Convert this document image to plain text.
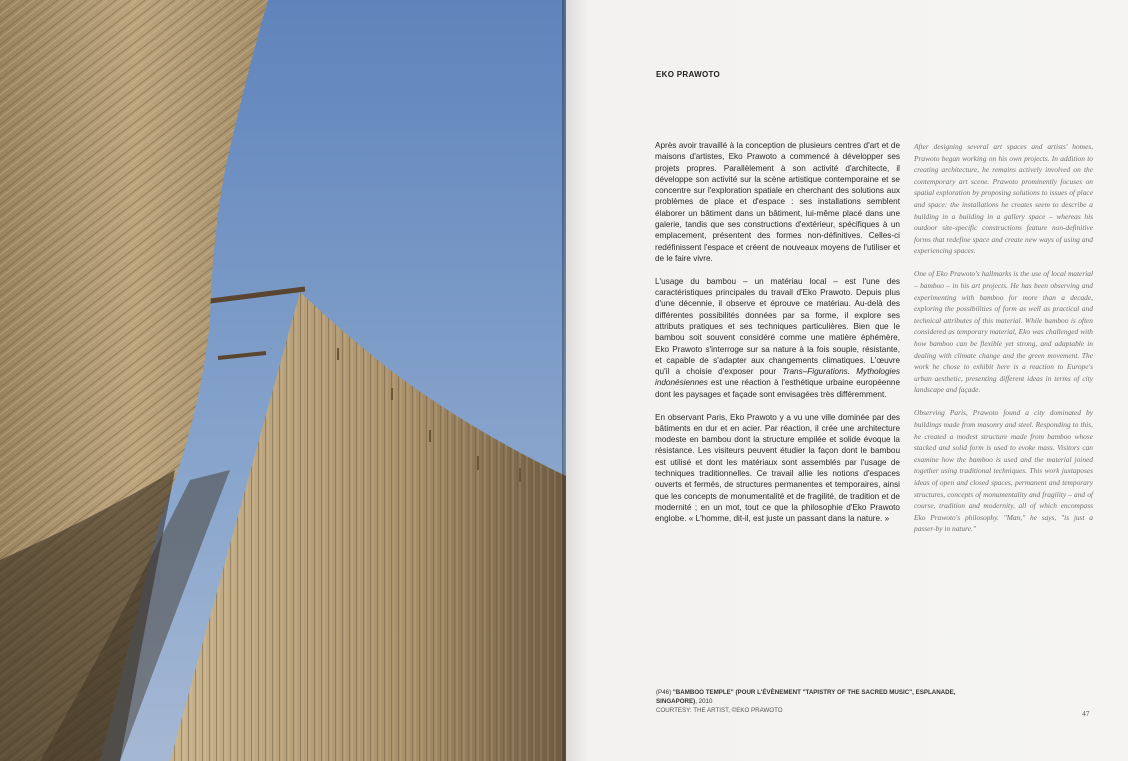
EKO PRAWOTO

Après avoir travaillé à la conception de plusieurs centres d'art et de maisons d'artistes, Eko Prawoto a commencé à développer ses projets propres. Parallèlement à son activité d'architecte, il développe son activité sur la scène artistique contemporaine et se concentre sur l'exploration spatiale en cherchant des solutions aux problèmes de place et d'espace : ses installations semblent élaborer un bâtiment dans un bâtiment, lui-même placé dans une galerie, tandis que ses constructions d'extérieur, spécifiques à un emplacement, présentent des formes non-définitives. Celles-ci redéfinissent l'espace et créent de nouveaux moyens de l'utiliser et de le faire vivre.

L'usage du bambou – un matériau local – est l'une des caractéristiques principales du travail d'Eko Prawoto. Depuis plus d'une décennie, il observe et éprouve ce matériau. Au-delà des différentes possibilités données par sa forme, il explore ses attributs pratiques et ses techniques particulières. Bien que le bambou soit souvent considéré comme une matière éphémère, Eko Prawoto s'interroge sur sa nature à la fois souple, résistante, et capable de s'adapter aux changements climatiques. L'œuvre qu'il a choisie d'exposer pour Trans–Figurations. Mythologies indonésiennes est une réaction à l'esthétique urbaine européenne dont les paysages et façade sont envisagées très différemment.

En observant Paris, Eko Prawoto y a vu une ville dominée par des bâtiments en dur et en acier. Par réaction, il crée une architecture modeste en bambou dont la structure empilée et solide évoque la résistance. Les visiteurs peuvent étudier la façon dont le bambou est utilisé et dont les matériaux sont assemblés par l'usage de techniques traditionnelles. Ce travail allie les notions d'espaces ouverts et fermés, de structures permanentes et temporaires, ainsi que les concepts de monumentalité et de fragilité, de tradition et de modernité ; en un mot, tout ce que la philosophie d'Eko Prawoto englobe. « L'homme, dit-il, est juste un passant dans la nature. »

After designing several art spaces and artists' homes, Prawoto began working on his own projects. In addition to creating architecture, he remains actively involved on the contemporary art scene. Prawoto prominently focuses on spatial exploration by proposing solutions to issues of place and space: the installations he creates seem to describe a building in a building in a gallery space – whereas his outdoor site-specific constructions feature non-definitive forms that redefine space and create new ways of using and experiencing spaces.

One of Eko Prawoto's hallmarks is the use of local material – bamboo – in his art projects. He has been observing and experimenting with bamboo for more than a decade, exploring the possibilities of form as well as practical and technical attributes of this material. While bamboo is often considered as temporary material, Eko was challenged with how bamboo can be flexible yet strong, and adaptable in dealing with climate change and the green movement. The work he chose to exhibit here is a reaction to Europe's urban aesthetic, presenting different ideas in terms of city landscape and façade.

Observing Paris, Prawoto found a city dominated by buildings made from masonry and steel. Responding to this, he created a modest structure made from bamboo whose stacked and solid form is used to evoke mass. Visitors can examine how the bamboo is used and the material joined together using traditional techniques. This work juxtaposes ideas of open and closed spaces, permanent and temporary structures, concepts of monumentality and fragility – and of course, tradition and modernity, all of which encompass Eko Prawoto's philosophy. "Man," he says, "is just a passer-by in nature."

(P46) "BAMBOO TEMPLE" (POUR L'ÉVÈNEMENT "TAPISTRY OF THE SACRED MUSIC", ESPLANADE, SINGAPORE), 2010
COURTESY: THE ARTIST, ©EKO PRAWOTO	47
